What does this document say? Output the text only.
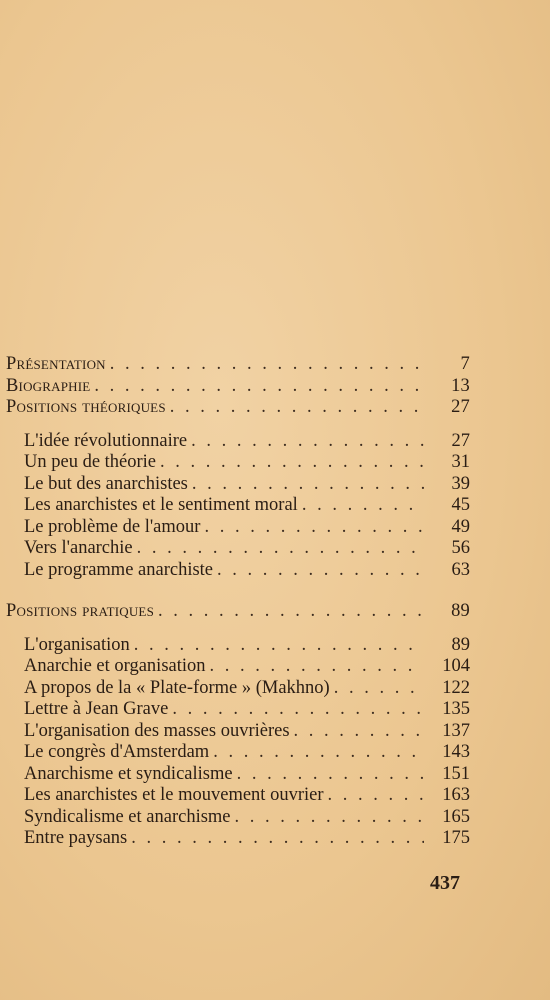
Présentation . . .	7
Biographie . . .	13
Positions théoriques . . .	27
L'idée révolutionnaire . . .	27
Un peu de théorie . . .	31
Le but des anarchistes . . .	39
Les anarchistes et le sentiment moral . . .	45
Le problème de l'amour . . .	49
Vers l'anarchie . . .	56
Le programme anarchiste . . .	63
Positions pratiques . . .	89
L'organisation . . .	89
Anarchie et organisation . . .	104
A propos de la « Plate-forme » (Makhno) . . .	122
Lettre à Jean Grave . . .	135
L'organisation des masses ouvrières . . .	137
Le congrès d'Amsterdam . . .	143
Anarchisme et syndicalisme . . .	151
Les anarchistes et le mouvement ouvrier . . .	163
Syndicalisme et anarchisme . . .	165
Entre paysans . . .	175
437
